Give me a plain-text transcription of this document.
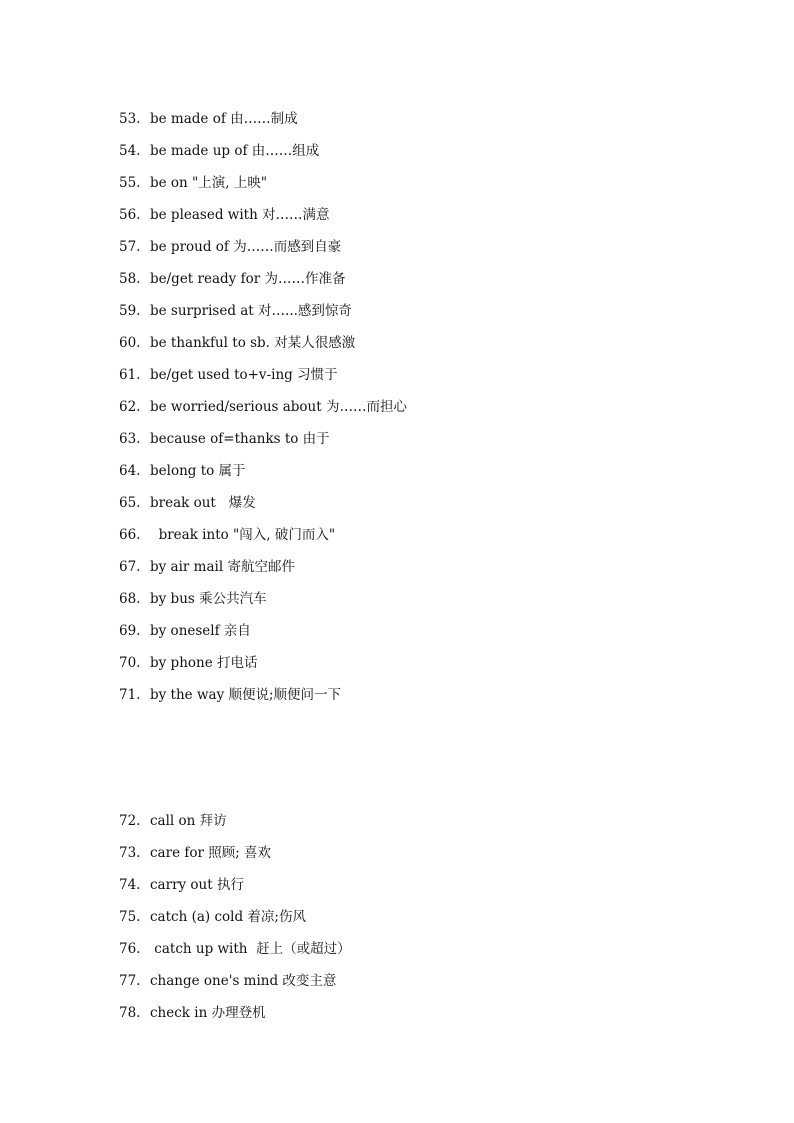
53. be made of 由……制成
54. be made up of 由……组成
55. be on "上演, 上映"
56. be pleased with 对……满意
57. be proud of 为……而感到自豪
58. be/get ready for 为……作准备
59. be surprised at 对…...感到惊奇
60. be thankful to sb. 对某人很感激
61. be/get used to+v-ing 习惯于
62. be worried/serious about 为……而担心
63. because of=thanks to 由于
64. belong to 属于
65. break out   爆发
66.  break into "闯入, 破门而入"
67. by air mail 寄航空邮件
68. by bus 乘公共汽车
69. by oneself 亲自
70. by phone 打电话
71. by the way 顺便说;顺便问一下
72. call on 拜访
73. care for 照顾; 喜欢
74. carry out 执行
75. catch (a) cold 着凉;伤风
76. catch up with  赶上（或超过）
77. change one's mind 改变主意
78. check in 办理登机
